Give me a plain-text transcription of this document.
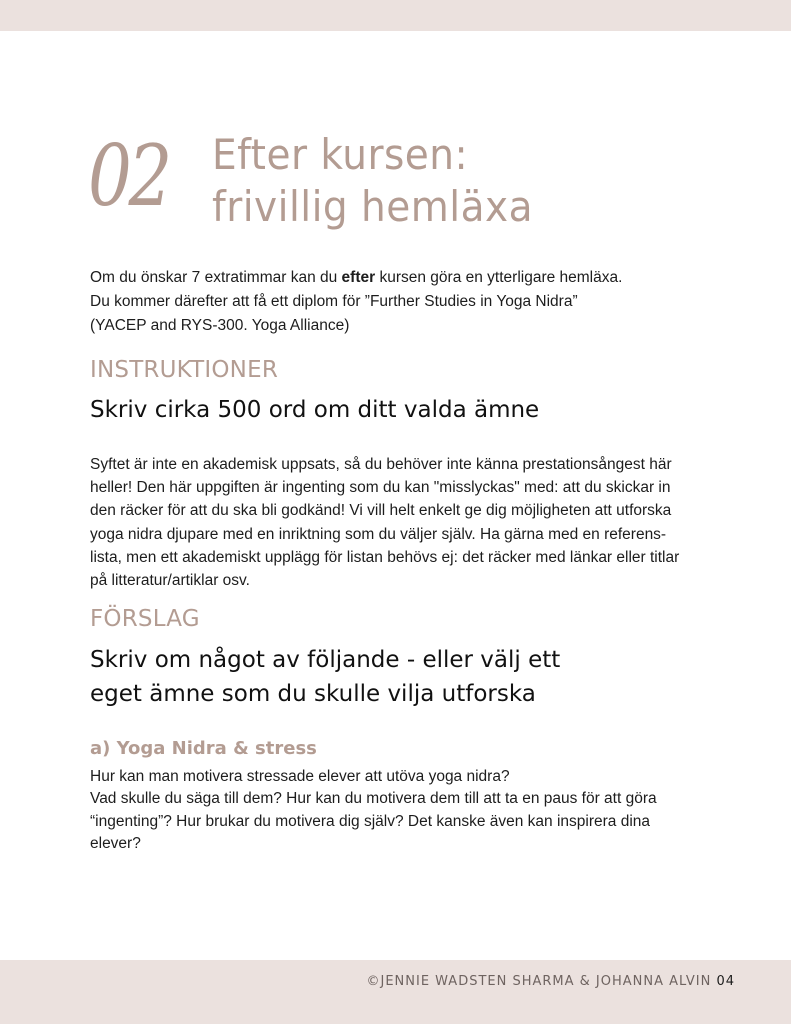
02 Efter kursen:
frivillig hemläxa
Om du önskar 7 extratimmar kan du efter kursen göra en ytterligare hemläxa.
Du kommer därefter att få ett diplom för ”Further Studies in Yoga Nidra”
(YACEP and RYS-300. Yoga Alliance)
INSTRUKTIONER
Skriv cirka 500 ord om ditt valda ämne
Syftet är inte en akademisk uppsats, så du behöver inte känna prestationsångest här
heller! Den här uppgiften är ingenting som du kan "misslyckas" med: att du skickar in
den räcker för att du ska bli godkänd! Vi vill helt enkelt ge dig möjligheten att utforska
yoga nidra djupare med en inriktning som du väljer själv. Ha gärna med en referens-
lista, men ett akademiskt upplägg för listan behövs ej: det räcker med länkar eller titlar
på litteratur/artiklar osv.
FÖRSLAG
Skriv om något av följande - eller välj ett
eget ämne som du skulle vilja utforska
a) Yoga Nidra & stress
Hur kan man motivera stressade elever att utöva yoga nidra?
Vad skulle du säga till dem? Hur kan du motivera dem till att ta en paus för att göra
“ingenting”? Hur brukar du motivera dig själv? Det kanske även kan inspirera dina
elever?
©JENNIE WADSTEN SHARMA & JOHANNA ALVIN 04
